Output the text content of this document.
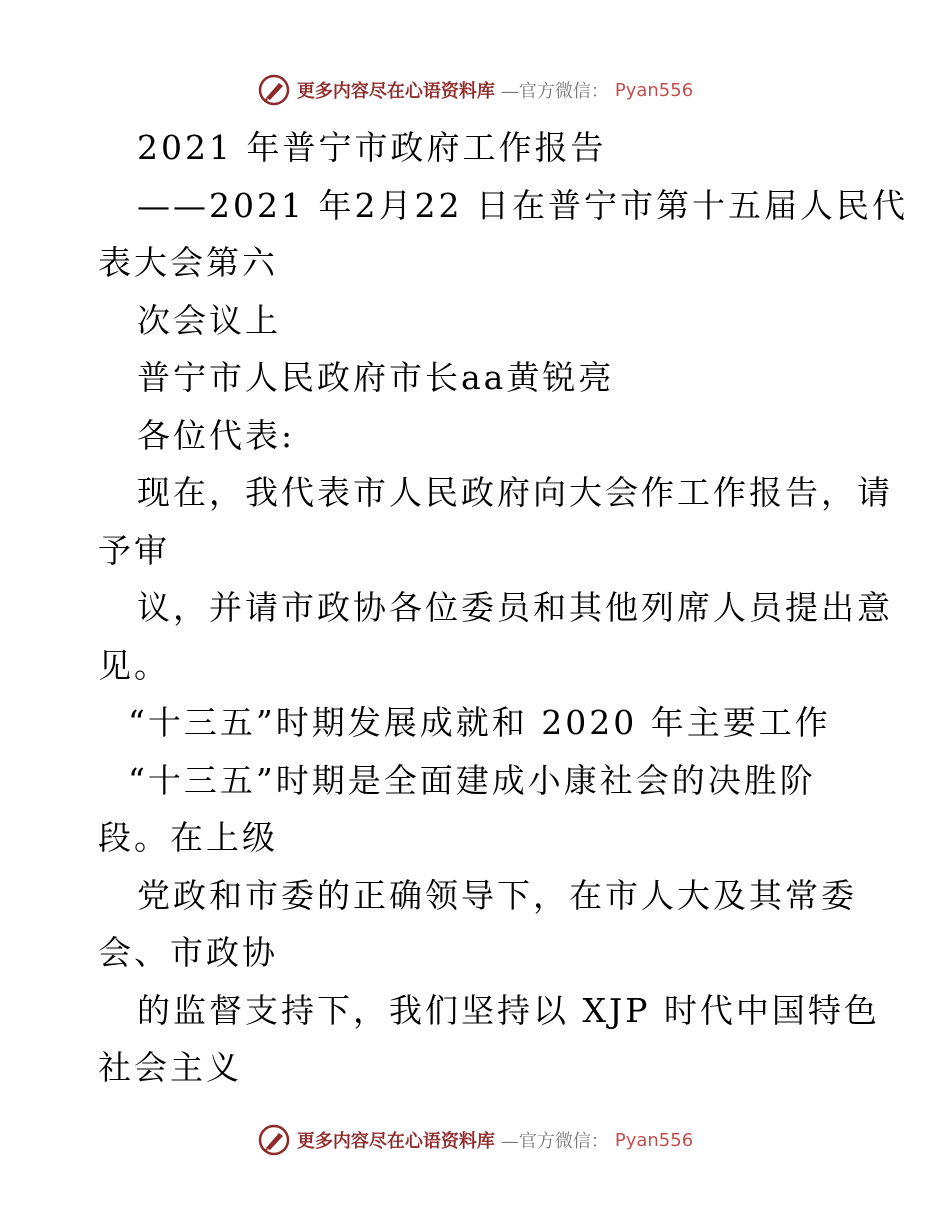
更多内容尽在心语资料库 —官方微信： Pyan556
2021 年普宁市政府工作报告
——2021 年2月22 日在普宁市第十五届人民代
表大会第六
次会议上
普宁市人民政府市长aa黄锐亮
各位代表:
现在，我代表市人民政府向大会作工作报告，请
予审
议，并请市政协各位委员和其他列席人员提出意
见。
“十三五”时期发展成就和 2020 年主要工作
“十三五”时期是全面建成小康社会的决胜阶
段。在上级
党政和市委的正确领导下，在市人大及其常委
会、市政协
的监督支持下，我们坚持以 XJP 时代中国特色
社会主义
更多内容尽在心语资料库 —官方微信： Pyan556
